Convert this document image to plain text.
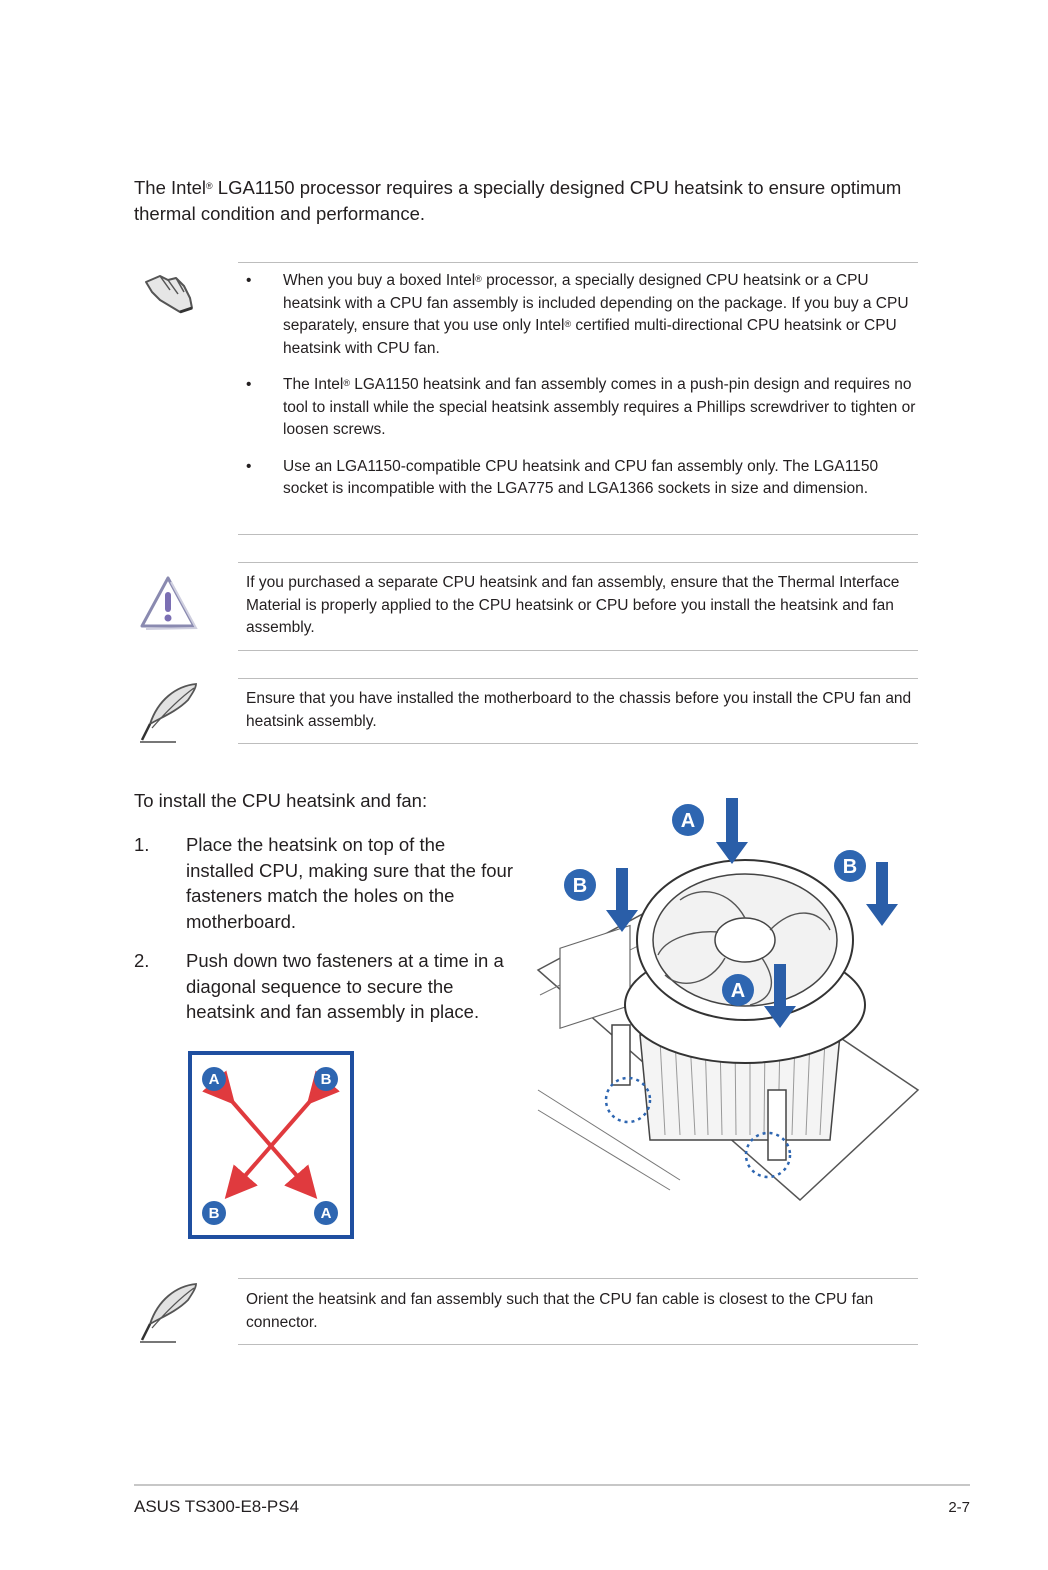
The Intel® LGA1150 processor requires a specially designed CPU heatsink to ensure optimum thermal condition and performance.
• When you buy a boxed Intel® processor, a specially designed CPU heatsink or a CPU heatsink with a CPU fan assembly is included depending on the package. If you buy a CPU separately, ensure that you use only Intel® certified multi-directional CPU heatsink or CPU heatsink with CPU fan.
• The Intel® LGA1150 heatsink and fan assembly comes in a push-pin design and requires no tool to install while the special heatsink assembly requires a Phillips screwdriver to tighten or loosen screws.
• Use an LGA1150-compatible CPU heatsink and CPU fan assembly only. The LGA1150 socket is incompatible with the LGA775 and LGA1366 sockets in size and dimension.
If you purchased a separate CPU heatsink and fan assembly, ensure that the Thermal Interface Material is properly applied to the CPU heatsink or CPU before you install the heatsink and fan assembly.
Ensure that you have installed the motherboard to the chassis before you install the CPU fan and heatsink assembly.
To install the CPU heatsink and fan:
1. Place the heatsink on top of the installed CPU, making sure that the four fasteners match the holes on the motherboard.
2. Push down two fasteners at a time in a diagonal sequence to secure the heatsink and fan assembly in place.
A	B
B	A
A
B
B
A
Orient the heatsink and fan assembly such that the CPU fan cable is closest to the CPU fan connector.
ASUS TS300-E8-PS4	2-7
